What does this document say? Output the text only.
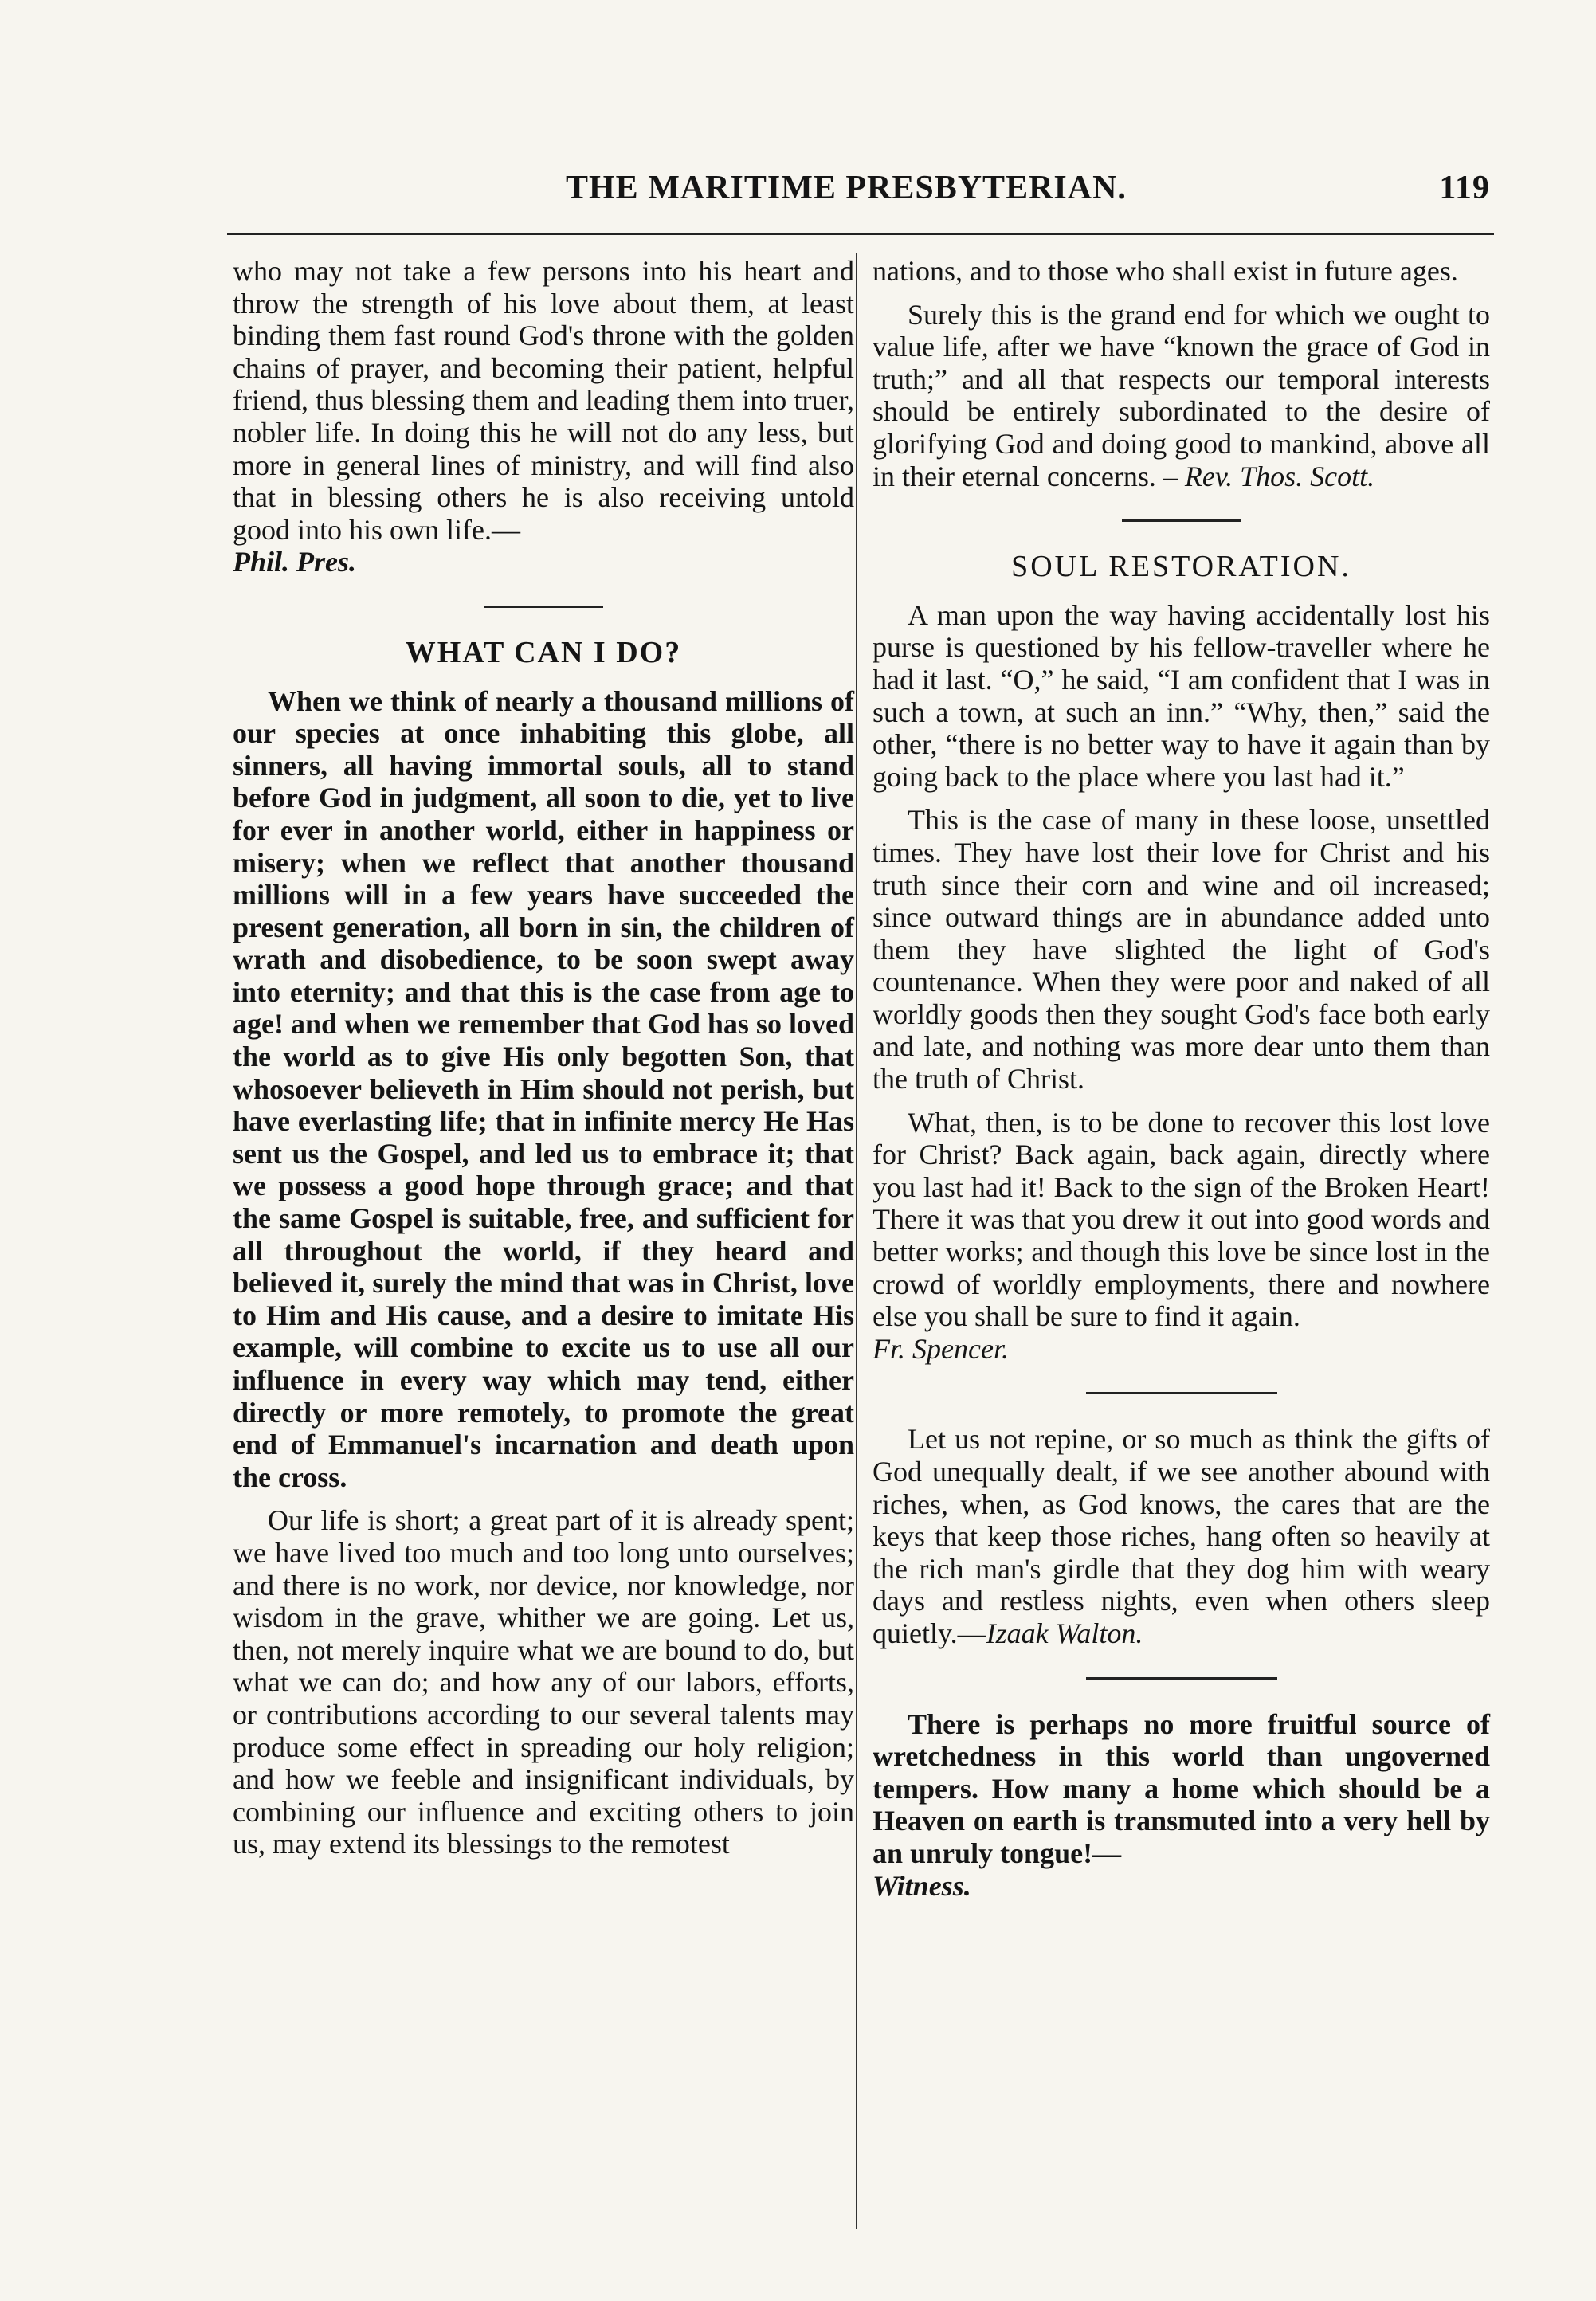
THE MARITIME PRESBYTERIAN.	119

who may not take a few persons into his heart and throw the strength of his love about them, at least binding them fast round God's throne with the golden chains of prayer, and becoming their patient, helpful friend, thus blessing them and leading them into truer, nobler life. In doing this he will not do any less, but more in general lines of ministry, and will find also that in blessing others he is also receiving untold good into his own life.—
Phil. Pres.

WHAT CAN I DO?

When we think of nearly a thousand millions of our species at once inhabiting this globe, all sinners, all having immortal souls, all to stand before God in judgment, all soon to die, yet to live for ever in another world, either in happiness or misery; when we reflect that another thousand millions will in a few years have succeeded the present generation, all born in sin, the children of wrath and disobedience, to be soon swept away into eternity; and that this is the case from age to age! and when we remember that God has so loved the world as to give His only begotten Son, that whosoever believeth in Him should not perish, but have everlasting life; that in infinite mercy He Has sent us the Gospel, and led us to embrace it; that we possess a good hope through grace; and that the same Gospel is suitable, free, and sufficient for all throughout the world, if they heard and believed it, surely the mind that was in Christ, love to Him and His cause, and a desire to imitate His example, will combine to excite us to use all our influence in every way which may tend, either directly or more remotely, to promote the great end of Emmanuel's incarnation and death upon the cross.

Our life is short; a great part of it is already spent; we have lived too much and too long unto ourselves; and there is no work, nor device, nor knowledge, nor wisdom in the grave, whither we are going. Let us, then, not merely inquire what we are bound to do, but what we can do; and how any of our labors, efforts, or contributions according to our several talents may produce some effect in spreading our holy religion; and how we feeble and insignificant individuals, by combining our influence and exciting others to join us, may extend its blessings to the remotest

nations, and to those who shall exist in future ages.

Surely this is the grand end for which we ought to value life, after we have “known the grace of God in truth;” and all that respects our temporal interests should be entirely subordinated to the desire of glorifying God and doing good to mankind, above all in their eternal concerns. – Rev. Thos. Scott.

SOUL RESTORATION.

A man upon the way having accidentally lost his purse is questioned by his fellow-traveller where he had it last. “O,” he said, “I am confident that I was in such a town, at such an inn.” “Why, then,” said the other, “there is no better way to have it again than by going back to the place where you last had it.”

This is the case of many in these loose, unsettled times. They have lost their love for Christ and his truth since their corn and wine and oil increased; since outward things are in abundance added unto them they have slighted the light of God's countenance. When they were poor and naked of all worldly goods then they sought God's face both early and late, and nothing was more dear unto them than the truth of Christ.

What, then, is to be done to recover this lost love for Christ? Back again, back again, directly where you last had it! Back to the sign of the Broken Heart! There it was that you drew it out into good words and better works; and though this love be since lost in the crowd of worldly employments, there and nowhere else you shall be sure to find it again.
Fr. Spencer.

Let us not repine, or so much as think the gifts of God unequally dealt, if we see another abound with riches, when, as God knows, the cares that are the keys that keep those riches, hang often so heavily at the rich man's girdle that they dog him with weary days and restless nights, even when others sleep quietly.—Izaak Walton.

There is perhaps no more fruitful source of wretchedness in this world than ungoverned tempers. How many a home which should be a Heaven on earth is transmuted into a very hell by an unruly tongue!—
Witness.
